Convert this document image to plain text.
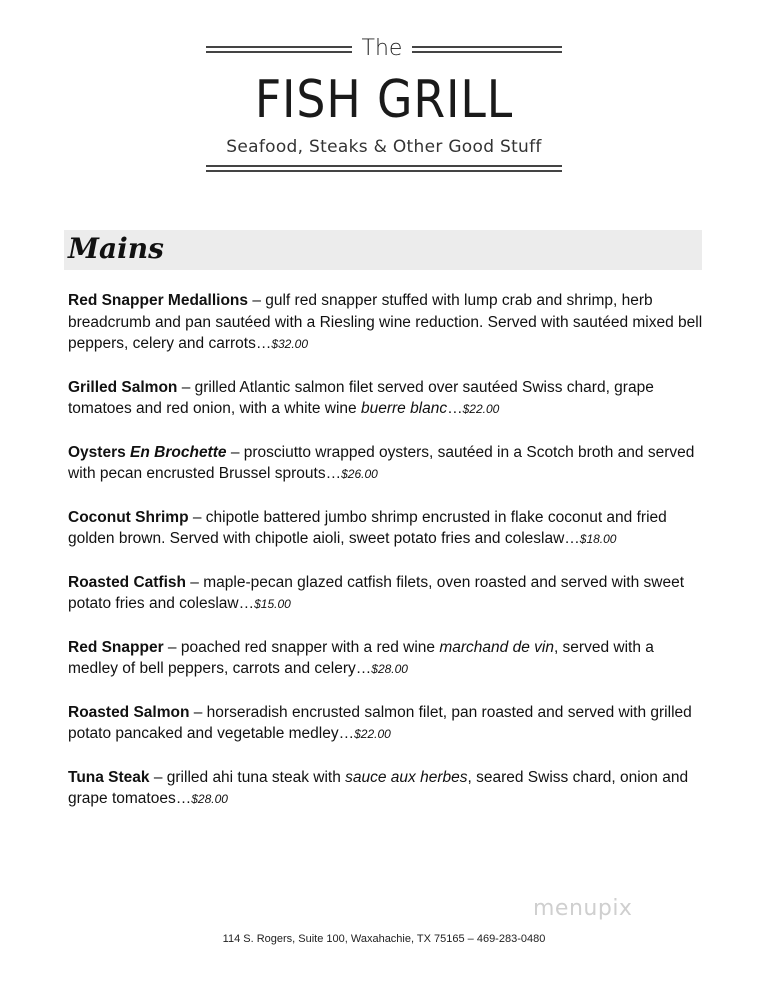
The
FISH GRILL
Seafood, Steaks & Other Good Stuff
Mains
Red Snapper Medallions – gulf red snapper stuffed with lump crab and shrimp, herb breadcrumb and pan sautéed with a Riesling wine reduction. Served with sautéed mixed bell peppers, celery and carrots…$32.00
Grilled Salmon – grilled Atlantic salmon filet served over sautéed Swiss chard, grape tomatoes and red onion, with a white wine buerre blanc…$22.00
Oysters En Brochette – prosciutto wrapped oysters, sautéed in a Scotch broth and served with pecan encrusted Brussel sprouts…$26.00
Coconut Shrimp – chipotle battered jumbo shrimp encrusted in flake coconut and fried golden brown. Served with chipotle aioli, sweet potato fries and coleslaw…$18.00
Roasted Catfish – maple-pecan glazed catfish filets, oven roasted and served with sweet potato fries and coleslaw…$15.00
Red Snapper – poached red snapper with a red wine marchand de vin, served with a medley of bell peppers, carrots and celery…$28.00
Roasted Salmon – horseradish encrusted salmon filet, pan roasted and served with grilled potato pancaked and vegetable medley…$22.00
Tuna Steak – grilled ahi tuna steak with sauce aux herbes, seared Swiss chard, onion and grape tomatoes…$28.00
menupix
114 S. Rogers, Suite 100, Waxahachie, TX 75165 – 469-283-0480
